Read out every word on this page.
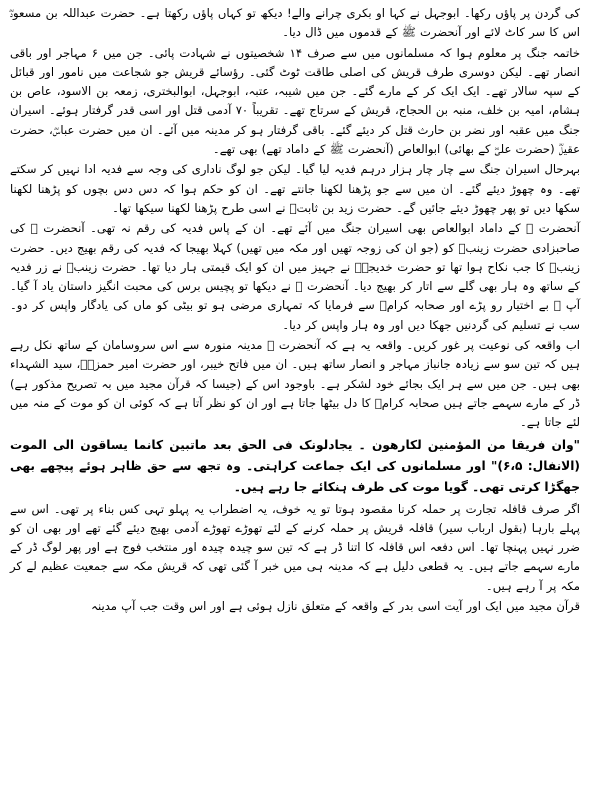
کی گردن پر پاؤں رکھا۔ ابوجہل نے کہا او بکری چرانے والے! دیکھ تو کہاں پاؤں رکھتا ہے۔ حضرت عبداللہ بن مسعودؓ اس کا سر کاٹ لائے اور آنحضرت ﷺ کے قدموں میں ڈال دیا۔

خاتمہ جنگ پر معلوم ہوا کہ مسلمانوں میں سے صرف ۱۴ شخصیتوں نے شہادت پائی۔ جن میں ۶ مہاجر اور باقی انصار تھے۔ لیکن دوسری طرف قریش کی اصلی طاقت ٹوٹ گئی۔ رؤسائے قریش جو شجاعت میں نامور اور قبائل کے سپہ سالار تھے۔ ایک ایک کر کے مارے گئے۔ جن میں شیبہ، عتبہ، ابوجہل، ابوالبختری، زمعہ بن الاسود، عاص بن ہشام، امیہ بن خلف، منبہ بن الحجاج، قریش کے سرتاج تھے۔ تقریباً ۷۰ آدمی قتل اور اسی قدر گرفتار ہوئے۔ اسیران جنگ میں عقبہ اور نضر بن حارث قتل کر دیئے گئے۔ باقی گرفتار ہو کر مدینہ میں آئے۔ ان میں حضرت عباسؓ، حضرت عقیلؓ (حضرت علیؓ کے بھائی) ابوالعاص (آنحضرت ﷺ کے داماد تھے) بھی تھے۔

بہرحال اسیران جنگ سے چار چار ہزار درہم فدیہ لیا گیا۔ لیکن جو لوگ ناداری کی وجہ سے فدیہ ادا نہیں کر سکتے تھے۔ وہ چھوڑ دیئے گئے۔ ان میں سے جو پڑھنا لکھنا جانتے تھے۔ ان کو حکم ہوا کہ دس دس بچوں کو پڑھنا لکھنا سکھا دیں تو پھر چھوڑ دیئے جائیں گے۔ حضرت زید بن ثابتؓ نے اسی طرح پڑھنا لکھنا سیکھا تھا۔

آنحضرت ﷺ کے داماد ابوالعاص بھی اسیران جنگ میں آئے تھے۔ ان کے پاس فدیہ کی رقم نہ تھی۔ آنحضرت ﷺ کی صاحبزادی حضرت زینبؓ کو (جو ان کی زوجہ تھیں اور مکہ میں تھیں) کہلا بھیجا کہ فدیہ کی رقم بھیج دیں۔ حضرت زینبؓ کا جب نکاح ہوا تھا تو حضرت خدیجہؓ نے جہیز میں ان کو ایک قیمتی ہار دیا تھا۔ حضرت زینبؓ نے زر فدیہ کے ساتھ وہ ہار بھی گلے سے اتار کر بھیج دیا۔ آنحضرت ﷺ نے دیکھا تو پچیس برس کی محبت انگیز داستان یاد آ گیا۔ آپ ﷺ بے اختیار رو پڑے اور صحابہ کرامؓ سے فرمایا کہ تمہاری مرضی ہو تو بیٹی کو ماں کی یادگار واپس کر دو۔ سب نے تسلیم کی گردنیں جھکا دیں اور وہ ہار واپس کر دیا۔

اب واقعہ کی نوعیت پر غور کریں۔ واقعہ یہ ہے کہ آنحضرت ﷺ مدینہ منورہ سے اس سروسامان کے ساتھ نکل رہے ہیں کہ تین سو سے زیادہ جانباز مہاجر و انصار ساتھ ہیں۔ ان میں فاتح خیبر، اور حضرت امیر حمزہؓ، سید الشہداء بھی ہیں۔ جن میں سے ہر ایک بجائے خود لشکر ہے۔ باوجود اس کے (جیسا کہ قرآن مجید میں بہ تصریح مذکور ہے) ڈر کے مارے سہمے جاتے ہیں صحابہ کرامؓ کا دل بیٹھا جاتا ہے اور ان کو نظر آتا ہے کہ کوئی ان کو موت کے منہ میں لئے جاتا ہے۔

"وان فریقا من المؤمنین لکارھون ۔ یجادلونک فی الحق بعد ماتبین کانما یساقون الی الموت (الانفال: ۶،۵)" اور مسلمانوں کی ایک جماعت کراہتی۔ وہ تجھ سے حق ظاہر ہوئے پیچھے بھی جھگڑا کرتی تھی۔ گویا موت کی طرف ہنکائے جا رہے ہیں۔

اگر صرف قافلہ تجارت پر حملہ کرنا مقصود ہوتا تو یہ خوف، یہ اضطراب یہ پہلو تہی کس بناء پر تھی۔ اس سے پہلے بارہا (بقول ارباب سیر) قافلہ قریش پر حملہ کرنے کے لئے تھوڑے تھوڑے آدمی بھیج دیئے گئے تھے اور بھی ان کو ضرر نہیں پہنچا تھا۔ اس دفعہ اس قافلہ کا اتنا ڈر ہے کہ تین سو چیدہ چیدہ اور منتخب فوج ہے اور پھر لوگ ڈر کے مارے سہمے جاتے ہیں۔ یہ قطعی دلیل ہے کہ مدینہ ہی میں خبر آ گئی تھی کہ قریش مکہ سے جمعیت عظیم لے کر مکہ پر آ رہے ہیں۔

قرآن مجید میں ایک اور آیت اسی بدر کے واقعہ کے متعلق نازل ہوئی ہے اور اس وقت جب آپ مدینہ
